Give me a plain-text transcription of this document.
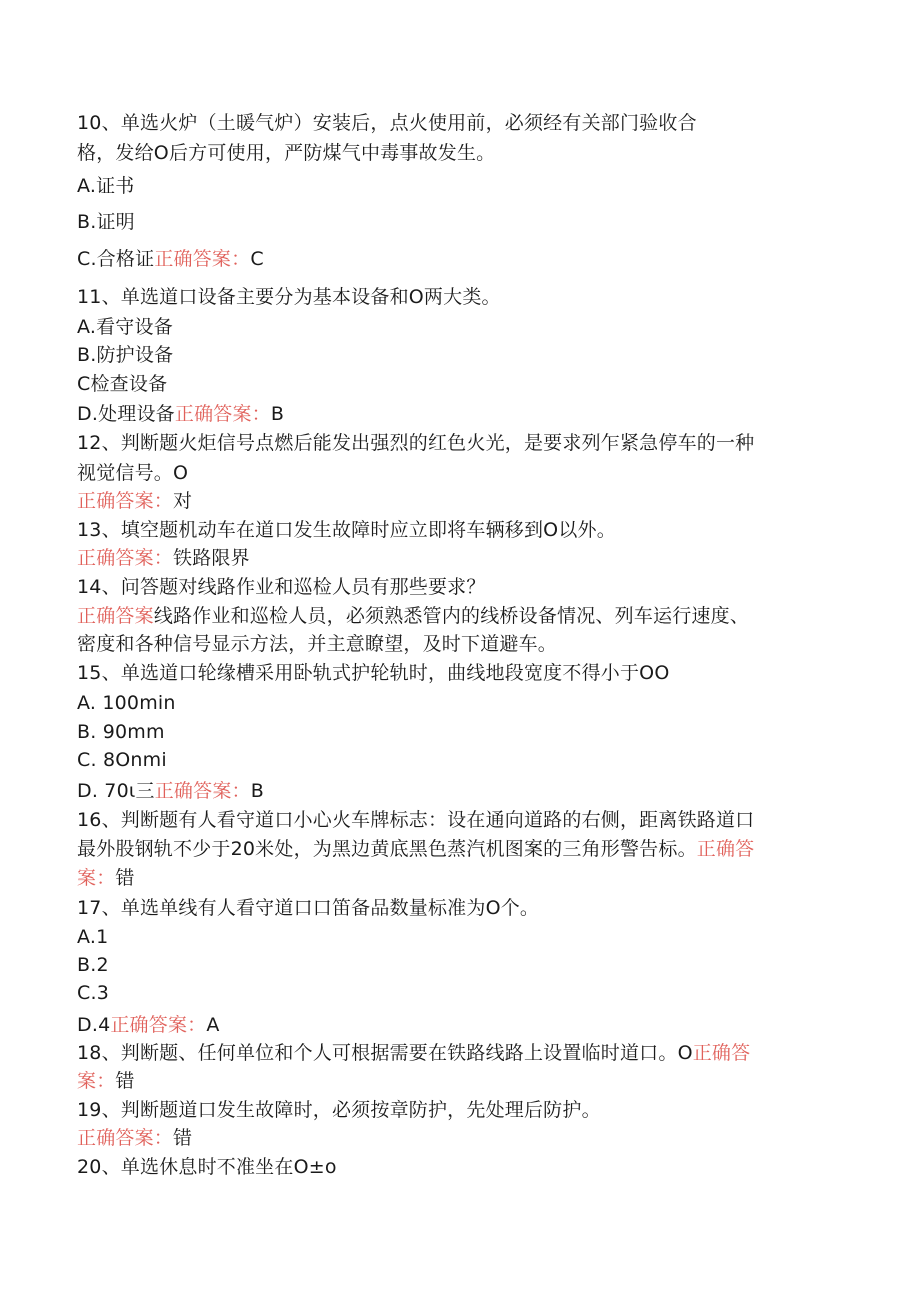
10、单选火炉（土暖气炉）安装后，点火使用前，必须经有关部门验收合
格，发给O后方可使用，严防煤气中毒事故发生。
A.证书
B.证明
C.合格证正确答案：C
11、单选道口设备主要分为基本设备和O两大类。
A.看守设备
B.防护设备
C检查设备
D.处理设备正确答案：B
12、判断题火炬信号点燃后能发出强烈的红色火光，是要求列乍紧急停车的一种
视觉信号。O
正确答案：对
13、填空题机动车在道口发生故障时应立即将车辆移到O以外。
正确答案：铁路限界
14、问答题对线路作业和巡检人员有那些要求？
正确答案线路作业和巡检人员，必须熟悉管内的线桥设备情况、列车运行速度、
密度和各种信号显示方法，并主意瞭望，及时下道避车。
15、单选道口轮缘槽采用卧轨式护轮轨时，曲线地段宽度不得小于OO
A. 100min
B. 90mm
C. 8Onmi
D. 70ι三正确答案：B
16、判断题有人看守道口小心火车牌标志：设在通向道路的右侧，距离铁路道口
最外股钢轨不少于20米处，为黑边黄底黑色蒸汽机图案的三角形警告标。正确答
案：错
17、单选单线有人看守道口口笛备品数量标准为O个。
A.1
B.2
C.3
D.4正确答案：A
18、判断题、任何单位和个人可根据需要在铁路线路上设置临时道口。O正确答
案：错
19、判断题道口发生故障时，必须按章防护，先处理后防护。
正确答案：错
20、单选休息时不准坐在O±o
